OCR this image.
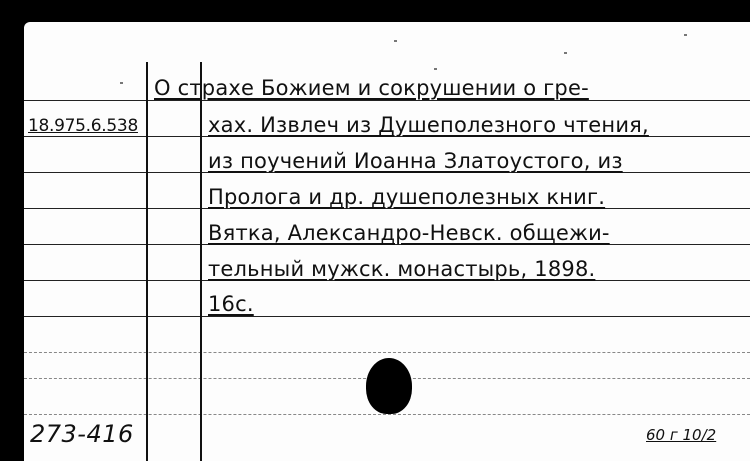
18.975.6.538
О страхе Божием и сокрушении о гре-
хах. Извлеч из Душеполезного чтения,
из поучений Иоанна Златоустого, из
Пролога и др. душеполезных книг.
Вятка, Александро-Невск. общежи-
тельный мужск. монастырь, 1898.
16с.
273-416	60 г 10/2
